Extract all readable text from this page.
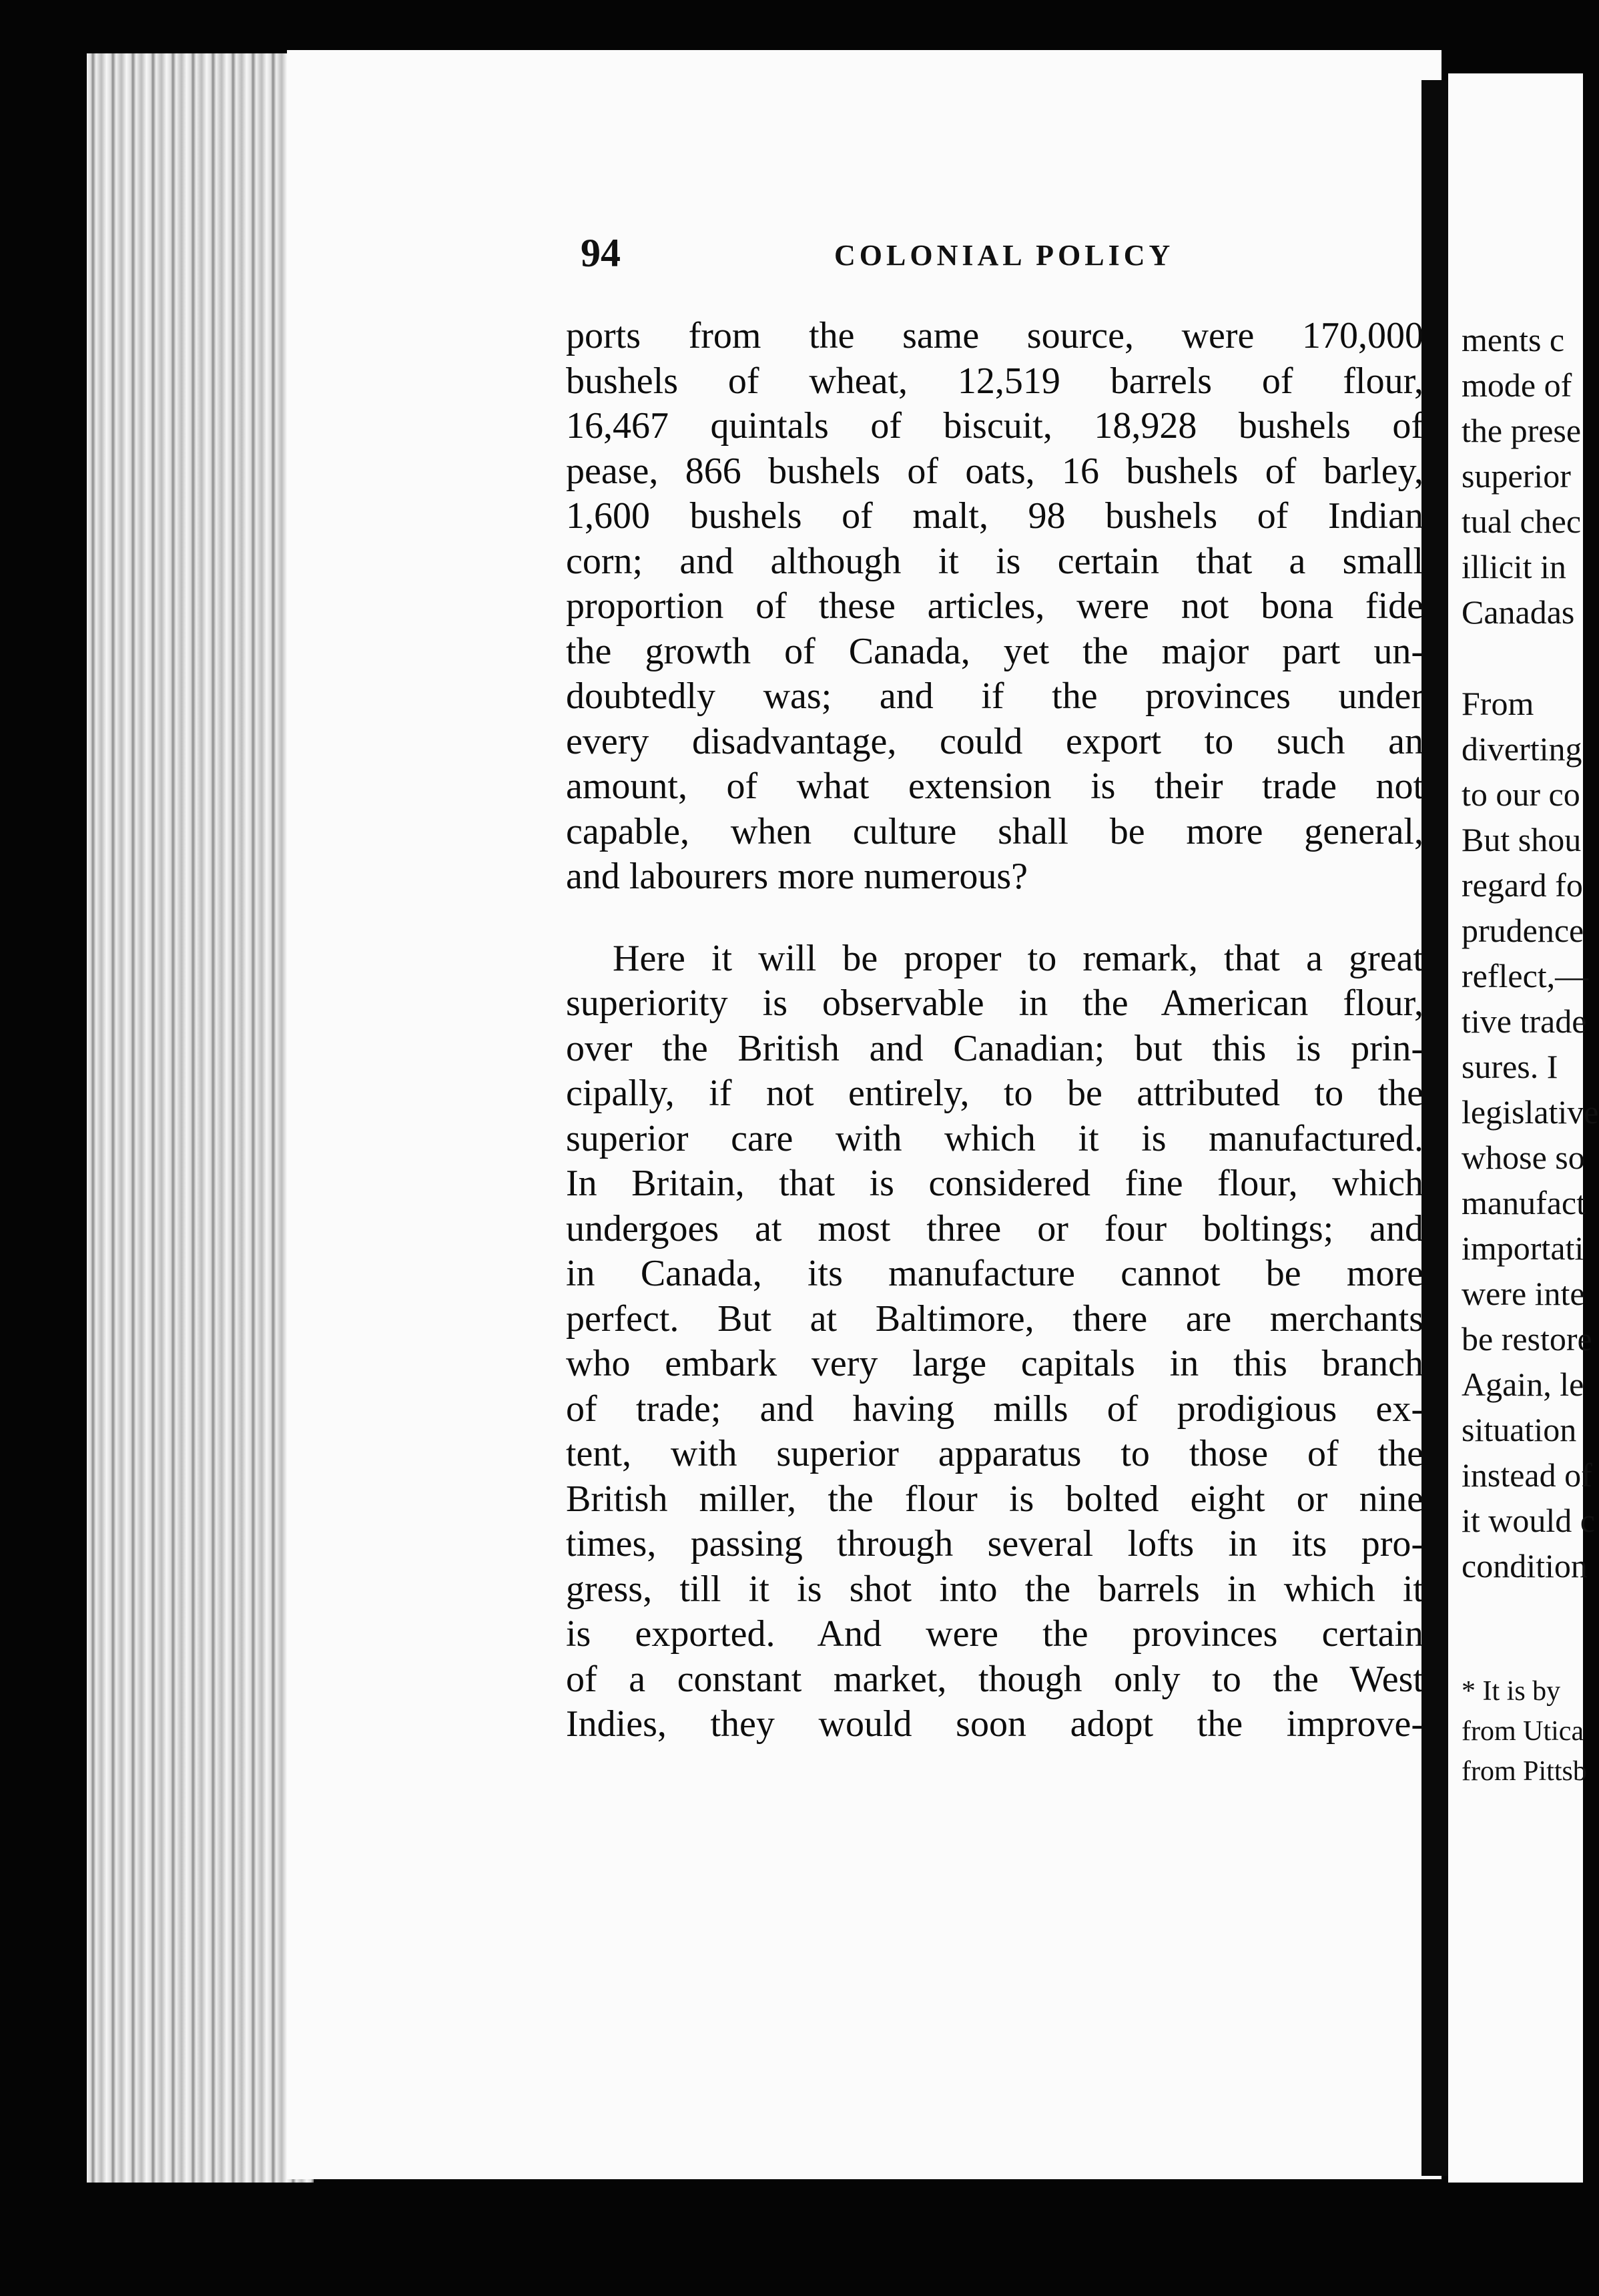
ments c
mode of
the prese
superior
tual chec
illicit in
Canadas
From
diverting
to our co
But shou
regard fo
prudence
reflect,—
tive trade
sures. I
legislative
whose so
manufact
importati
were inte
be restore
Again, le
situation
instead of
it would c
condition
* It is by
from Utica
from Pittsb
94	COLONIAL POLICY
ports from the same source, were 170,000
bushels of wheat, 12,519 barrels of flour,
16,467 quintals of biscuit, 18,928 bushels of
pease, 866 bushels of oats, 16 bushels of barley,
1,600 bushels of malt, 98 bushels of Indian
corn; and although it is certain that a small
proportion of these articles, were not bona fide
the growth of Canada, yet the major part un-
doubtedly was; and if the provinces under
every disadvantage, could export to such an
amount, of what extension is their trade not
capable, when culture shall be more general,
and labourers more numerous?
Here it will be proper to remark, that a great
superiority is observable in the American flour,
over the British and Canadian; but this is prin-
cipally, if not entirely, to be attributed to the
superior care with which it is manufactured.
In Britain, that is considered fine flour, which
undergoes at most three or four boltings; and
in Canada, its manufacture cannot be more
perfect. But at Baltimore, there are merchants
who embark very large capitals in this branch
of trade; and having mills of prodigious ex-
tent, with superior apparatus to those of the
British miller, the flour is bolted eight or nine
times, passing through several lofts in its pro-
gress, till it is shot into the barrels in which it
is exported. And were the provinces certain
of a constant market, though only to the West
Indies, they would soon adopt the improve-
